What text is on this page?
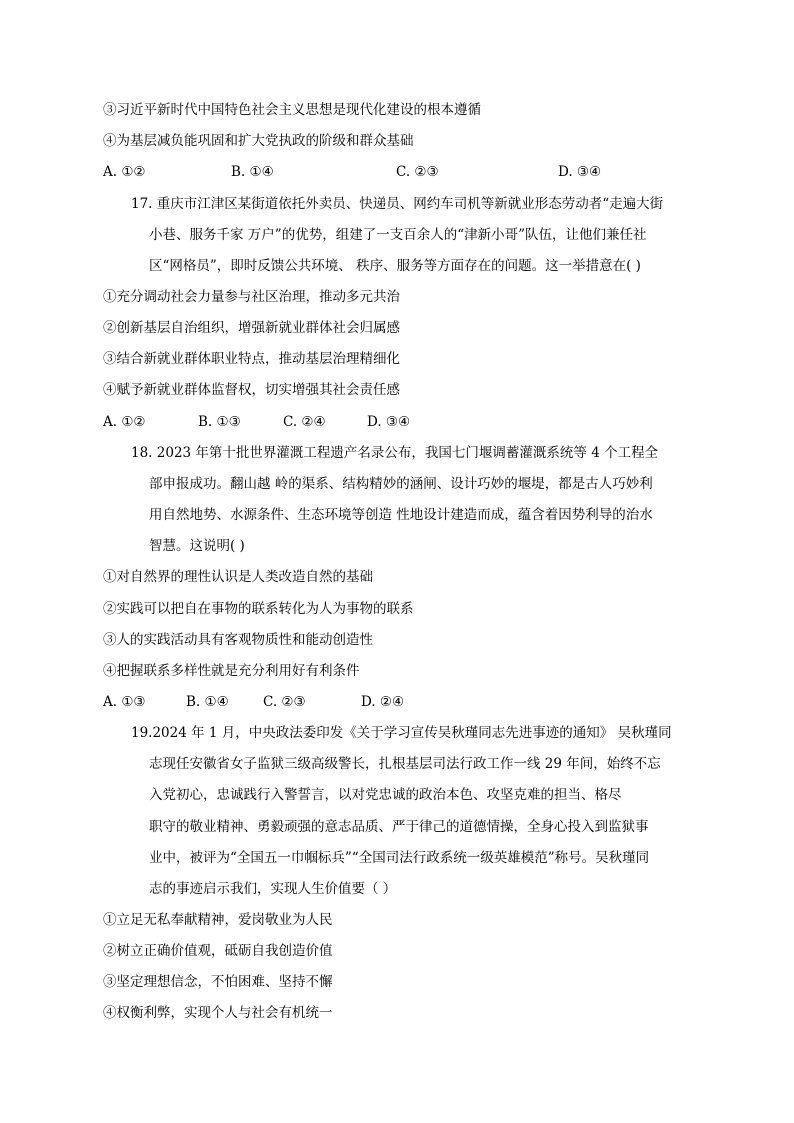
③习近平新时代中国特色社会主义思想是现代化建设的根本遵循
④为基层减负能巩固和扩大党执政的阶级和群众基础
A. ①②	B. ①④	C. ②③	D. ③④
17. 重庆市江津区某街道依托外卖员、快递员、网约车司机等新就业形态劳动者“走遍大街
小巷、服务千家 万户”的优势，组建了一支百余人的“津新小哥”队伍，让他们兼任社
区“网格员”，即时反馈公共环境、 秩序、服务等方面存在的问题。这一举措意在( )
①充分调动社会力量参与社区治理，推动多元共治
②创新基层自治组织，增强新就业群体社会归属感
③结合新就业群体职业特点，推动基层治理精细化
④赋予新就业群体监督权，切实增强其社会责任感
A. ①②	B. ①③	C. ②④	D. ③④
18. 2023 年第十批世界灌溉工程遗产名录公布，我国七门堰调蓄灌溉系统等 4 个工程全
部申报成功。翻山越 岭的渠系、结构精妙的涵闸、设计巧妙的堰堤，都是古人巧妙利
用自然地势、水源条件、生态环境等创造 性地设计建造而成，蕴含着因势利导的治水
智慧。这说明( )
①对自然界的理性认识是人类改造自然的基础
②实践可以把自在事物的联系转化为人为事物的联系
③人的实践活动具有客观物质性和能动创造性
④把握联系多样性就是充分利用好有利条件
A. ①③	B. ①④	C. ②③	D. ②④
19.2024 年 1 月，中央政法委印发《关于学习宣传吴秋瑾同志先进事迹的通知》 吴秋瑾同
志现任安徽省女子监狱三级高级警长，扎根基层司法行政工作一线 29 年间，始终不忘
入党初心，忠诚践行入警誓言，以对党忠诚的政治本色、攻坚克难的担当、格尽
职守的敬业精神、勇毅顽强的意志品质、严于律己的道德情操，全身心投入到监狱事
业中，被评为“全国五一巾帼标兵”“全国司法行政系统一级英雄模范”称号。吴秋瑾同
志的事迹启示我们，实现人生价值要（ ）
①立足无私奉献精神，爱岗敬业为人民
②树立正确价值观，砥砺自我创造价值
③坚定理想信念，不怕困难、坚持不懈
④权衡利弊，实现个人与社会有机统一
